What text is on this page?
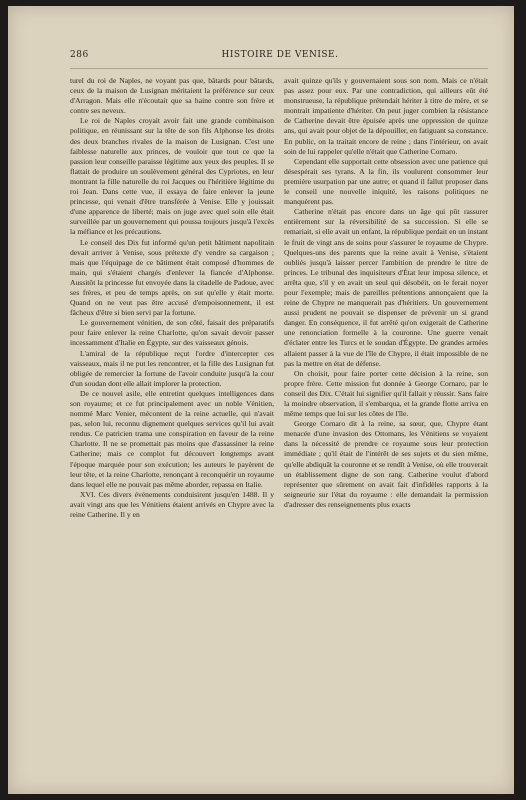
286	HISTOIRE DE VENISE.

turel du roi de Naples, ne voyant pas que, bâtards pour bâtards, ceux de la maison de Lusignan méritaient la préférence sur ceux d'Arragon. Mais elle n'écoutait que sa haine contre son frère et contre ses neveux.

Le roi de Naples croyait avoir fait une grande combinaison politique, en réunissant sur la tête de son fils Alphonse les droits des deux branches rivales de la maison de Lusignan. C'est une faiblesse naturelle aux princes, de vouloir que tout ce que la passion leur conseille paraisse légitime aux yeux des peuples. Il se flattait de produire un soulèvement général des Cypriotes, en leur montrant la fille naturelle du roi Jacques ou l'héritière légitime du roi Jean. Dans cette vue, il essaya de faire enlever la jeune princesse, qui venait d'être transférée à Venise. Elle y jouissait d'une apparence de liberté; mais on juge avec quel soin elle était surveillée par un gouvernement qui poussa toujours jusqu'à l'excès la méfiance et les précautions.

Le conseil des Dix fut informé qu'un petit bâtiment napolitain devait arriver à Venise, sous prétexte d'y vendre sa cargaison ; mais que l'équipage de ce bâtiment était composé d'hommes de main, qui s'étaient chargés d'enlever la fiancée d'Alphonse. Aussitôt la princesse fut envoyée dans la citadelle de Padoue, avec ses frères, et peu de temps après, on sut qu'elle y était morte. Quand on ne veut pas être accusé d'empoisonnement, il est fâcheux d'être si bien servi par la fortune.

Le gouvernement vénitien, de son côté, faisait des préparatifs pour faire enlever la reine Charlotte, qu'on savait devoir passer incessamment d'Italie en Égypte, sur des vaisseaux génois.

L'amiral de la république reçut l'ordre d'intercepter ces vaisseaux, mais il ne put les rencontrer, et la fille des Lusignan fut obligée de remercier la fortune de l'avoir conduite jusqu'à la cour d'un soudan dont elle allait implorer la protection.

De ce nouvel asile, elle entretint quelques intelligences dans son royaume; et ce fut principalement avec un noble Vénitien, nommé Marc Venier, mécontent de la reine actuelle, qui n'avait pas, selon lui, reconnu dignement quelques services qu'il lui avait rendus. Ce patricien trama une conspiration en faveur de la reine Charlotte. Il ne se promettait pas moins que d'assassiner la reine Catherine; mais ce complot fut découvert longtemps avant l'époque marquée pour son exécution; les auteurs le payèrent de leur tête, et la reine Charlotte, renonçant à reconquérir un royaume dans lequel elle ne pouvait pas même aborder, repassa en Italie.

XVI. Ces divers événements conduisirent jusqu'en 1488. Il y avait vingt ans que les Vénitiens étaient arrivés en Chypre avec la reine Catherine. Il y en

avait quinze qu'ils y gouvernaient sous son nom. Mais ce n'était pas assez pour eux. Par une contradiction, qui ailleurs eût été monstrueuse, la république prétendait hériter à titre de mère, et se montrait impatiente d'hériter. On peut juger combien la résistance de Catherine devait être épuisée après une oppression de quinze ans, qui avait pour objet de la dépouiller, en fatiguant sa constance. En public, on la traitait encore de reine ; dans l'intérieur, on avait soin de lui rappeler qu'elle n'était que Catherine Cornaro.

Cependant elle supportait cette obsession avec une patience qui désespérait ses tyrans. A la fin, ils voulurent consommer leur première usurpation par une autre; et quand il fallut proposer dans le conseil une nouvelle iniquité, les raisons politiques ne manquèrent pas.

Catherine n'était pas encore dans un âge qui pût rassurer entièrement sur la réversibilité de sa succession. Si elle se remariait, si elle avait un enfant, la république perdait en un instant le fruit de vingt ans de soins pour s'assurer le royaume de Chypre. Quelques-uns des parents que la reine avait à Venise, s'étaient oubliés jusqu'à laisser percer l'ambition de prendre le titre de princes. Le tribunal des inquisiteurs d'État leur imposa silence, et arrêta que, s'il y en avait un seul qui désobéit, on le ferait noyer pour l'exemple; mais de pareilles prétentions annonçaient que la reine de Chypre ne manquerait pas d'héritiers. Un gouvernement aussi prudent ne pouvait se dispenser de prévenir un si grand danger. En conséquence, il fut arrêté qu'on exigerait de Catherine une renonciation formelle à la couronne. Une guerre venait d'éclater entre les Turcs et le soudan d'Égypte. De grandes armées allaient passer à la vue de l'île de Chypre, il était impossible de ne pas la mettre en état de défense.

On choisit, pour faire porter cette décision à la reine, son propre frère. Cette mission fut donnée à George Cornaro, par le conseil des Dix. C'était lui signifier qu'il fallait y réussir. Sans faire la moindre observation, il s'embarqua, et la grande flotte arriva en même temps que lui sur les côtes de l'île.

George Cornaro dit à la reine, sa sœur, que, Chypre étant menacée d'une invasion des Ottomans, les Vénitiens se voyaient dans la nécessité de prendre ce royaume sous leur protection immédiate ; qu'il était de l'intérêt de ses sujets et du sien même, qu'elle abdiquât la couronne et se rendît à Venise, où elle trouverait un établissement digne de son rang. Catherine voulut d'abord représenter que sûrement on avait fait d'infidèles rapports à la seigneurie sur l'état du royaume : elle demandait la permission d'adresser des renseignements plus exacts
